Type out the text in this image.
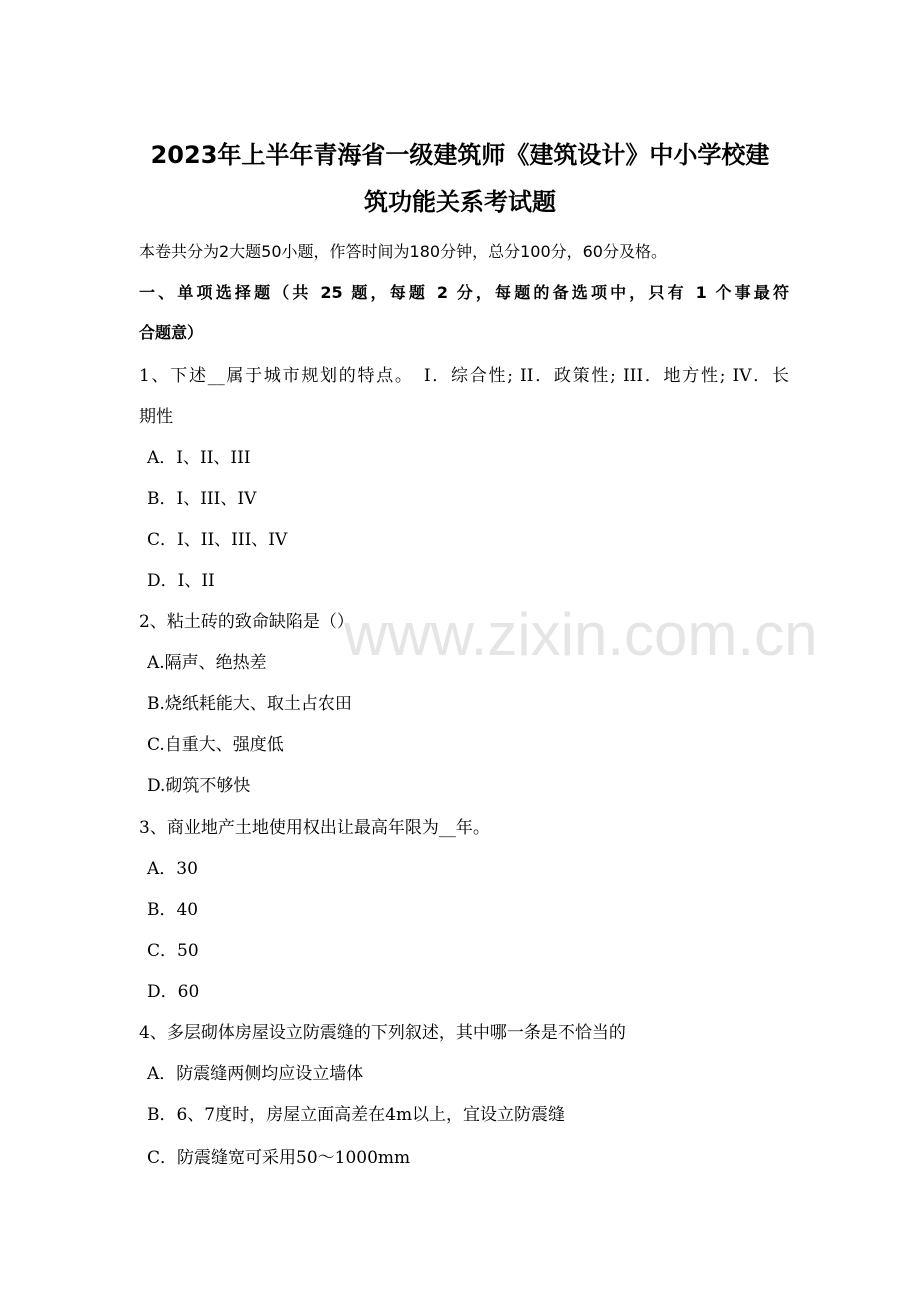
2023年上半年青海省一级建筑师《建筑设计》中小学校建
筑功能关系考试题
本卷共分为2大题50小题，作答时间为180分钟，总分100分，60分及格。
一、单项选择题（共 25 题，每题 2 分，每题的备选项中，只有 1 个事最符
合题意）
1、下述__属于城市规划的特点。　I．综合性; II．政策性; III．地方性; IV．长
期性
A．I、II、III
B．I、III、IV
C．I、II、III、IV
D．I、II
2、粘土砖的致命缺陷是（）
A.隔声、绝热差
B.烧纸耗能大、取土占农田
C.自重大、强度低
D.砌筑不够快
3、商业地产土地使用权出让最高年限为__年。
A．30
B．40
C．50
D．60
4、多层砌体房屋设立防震缝的下列叙述，其中哪一条是不恰当的
A．防震缝两侧均应设立墙体
B．6、7度时，房屋立面高差在4m以上，宜设立防震缝
C．防震缝宽可采用50～1000mm
www.zixin.com.cn
